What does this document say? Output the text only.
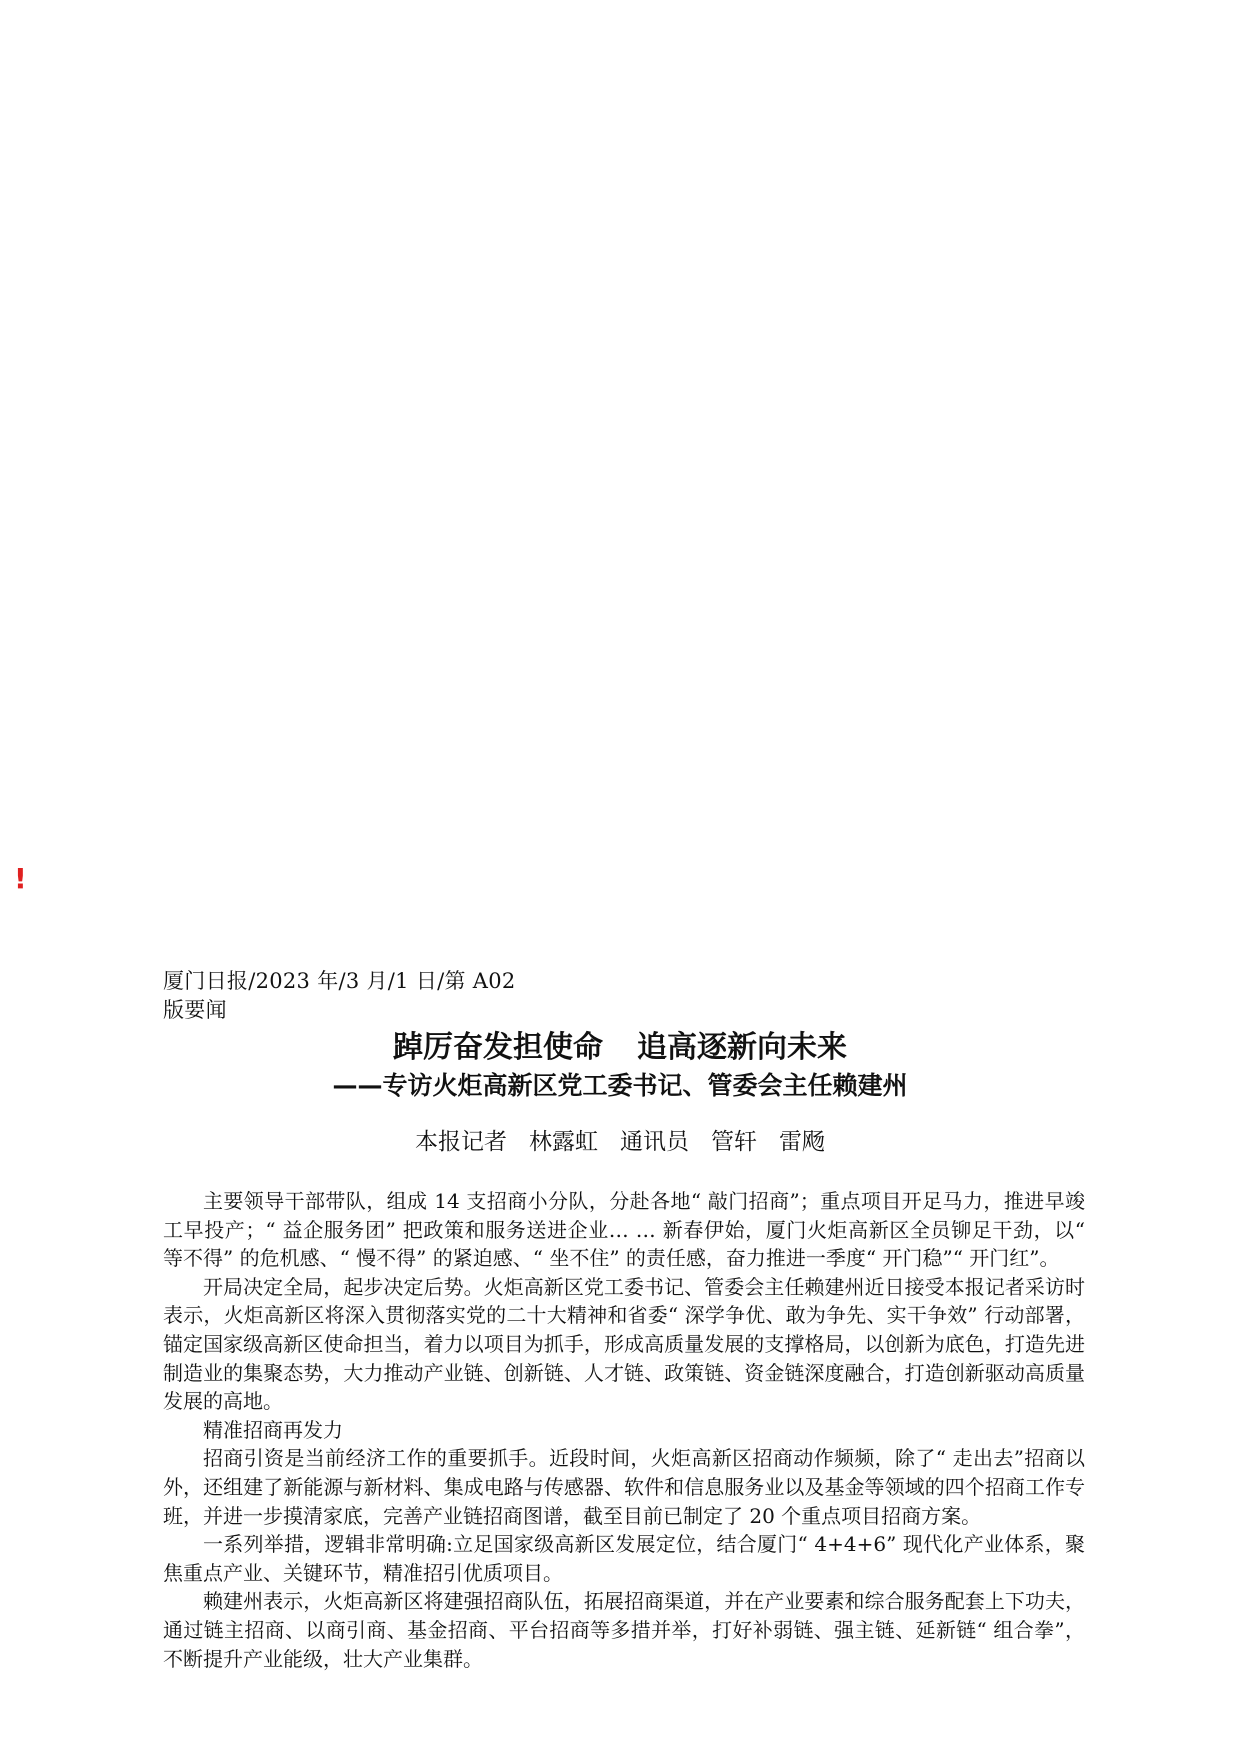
!
厦门日报/2023 年/3 月/1 日/第 A02
版要闻
踔厉奋发担使命 追高逐新向未来
——专访火炬高新区党工委书记、管委会主任赖建州
本报记者 林露虹 通讯员 管轩 雷飏

主要领导干部带队，组成 14 支招商小分队，分赴各地“ 敲门招商”；重点项目开足马力，推进早竣工早投产；“ 益企服务团” 把政策和服务送进企业… … 新春伊始，厦门火炬高新区全员铆足干劲，以“ 等不得” 的危机感、“ 慢不得” 的紧迫感、“ 坐不住” 的责任感，奋力推进一季度“ 开门稳”“ 开门红”。

开局决定全局，起步决定后势。火炬高新区党工委书记、管委会主任赖建州近日接受本报记者采访时表示，火炬高新区将深入贯彻落实党的二十大精神和省委“ 深学争优、敢为争先、实干争效” 行动部署，锚定国家级高新区使命担当，着力以项目为抓手，形成高质量发展的支撑格局，以创新为底色，打造先进制造业的集聚态势，大力推动产业链、创新链、人才链、政策链、资金链深度融合，打造创新驱动高质量发展的高地。

精准招商再发力

招商引资是当前经济工作的重要抓手。近段时间，火炬高新区招商动作频频，除了“ 走出去”招商以外，还组建了新能源与新材料、集成电路与传感器、软件和信息服务业以及基金等领域的四个招商工作专班，并进一步摸清家底，完善产业链招商图谱，截至目前已制定了 20 个重点项目招商方案。

一系列举措，逻辑非常明确:立足国家级高新区发展定位，结合厦门“ 4+4+6” 现代化产业体系，聚焦重点产业、关键环节，精准招引优质项目。

赖建州表示，火炬高新区将建强招商队伍，拓展招商渠道，并在产业要素和综合服务配套上下功夫，通过链主招商、以商引商、基金招商、平台招商等多措并举，打好补弱链、强主链、延新链“ 组合拳”，不断提升产业能级，壮大产业集群。
